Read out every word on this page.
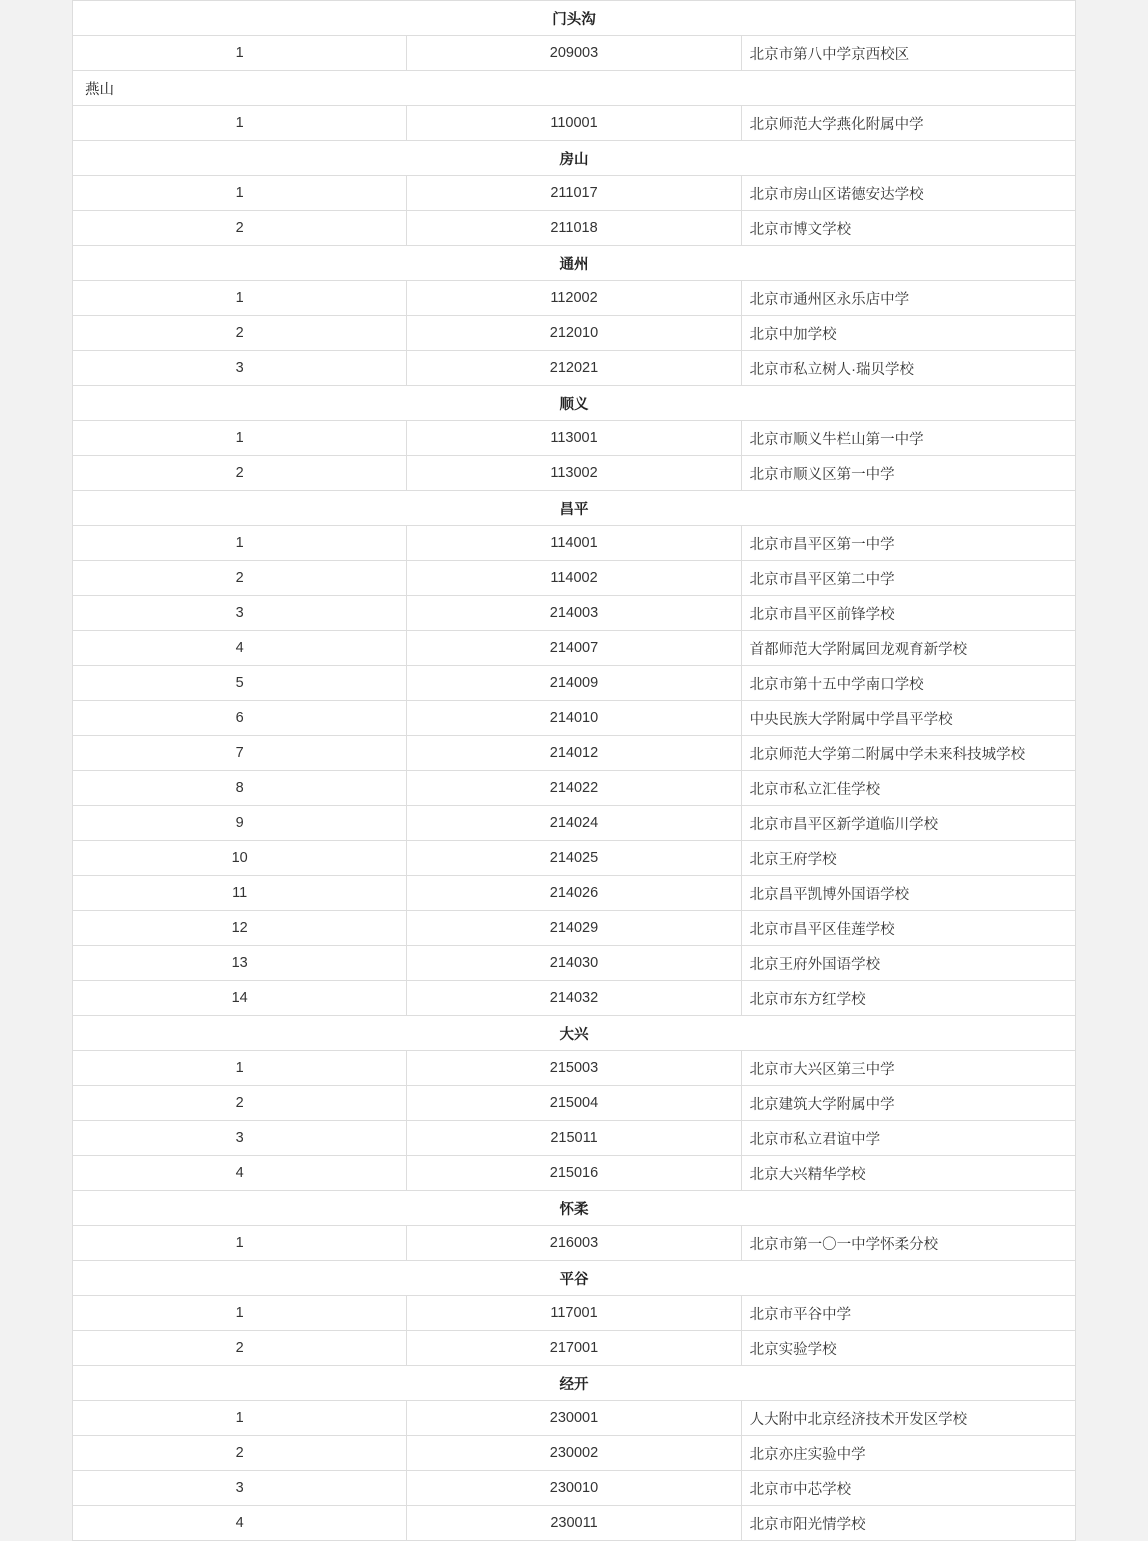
门头沟		
1	209003	北京市第八中学京西校区
燕山		
1	110001	北京师范大学燕化附属中学
房山		
1	211017	北京市房山区诺德安达学校
2	211018	北京市博文学校
通州		
1	112002	北京市通州区永乐店中学
2	212010	北京中加学校
3	212021	北京市私立树人·瑞贝学校
顺义		
1	113001	北京市顺义牛栏山第一中学
2	113002	北京市顺义区第一中学
昌平		
1	114001	北京市昌平区第一中学
2	114002	北京市昌平区第二中学
3	214003	北京市昌平区前锋学校
4	214007	首都师范大学附属回龙观育新学校
5	214009	北京市第十五中学南口学校
6	214010	中央民族大学附属中学昌平学校
7	214012	北京师范大学第二附属中学未来科技城学校
8	214022	北京市私立汇佳学校
9	214024	北京市昌平区新学道临川学校
10	214025	北京王府学校
11	214026	北京昌平凯博外国语学校
12	214029	北京市昌平区佳莲学校
13	214030	北京王府外国语学校
14	214032	北京市东方红学校
大兴		
1	215003	北京市大兴区第三中学
2	215004	北京建筑大学附属中学
3	215011	北京市私立君谊中学
4	215016	北京大兴精华学校
怀柔		
1	216003	北京市第一〇一中学怀柔分校
平谷		
1	117001	北京市平谷中学
2	217001	北京实验学校
经开		
1	230001	人大附中北京经济技术开发区学校
2	230002	北京亦庄实验中学
3	230010	北京市中芯学校
4	230011	北京市阳光情学校
